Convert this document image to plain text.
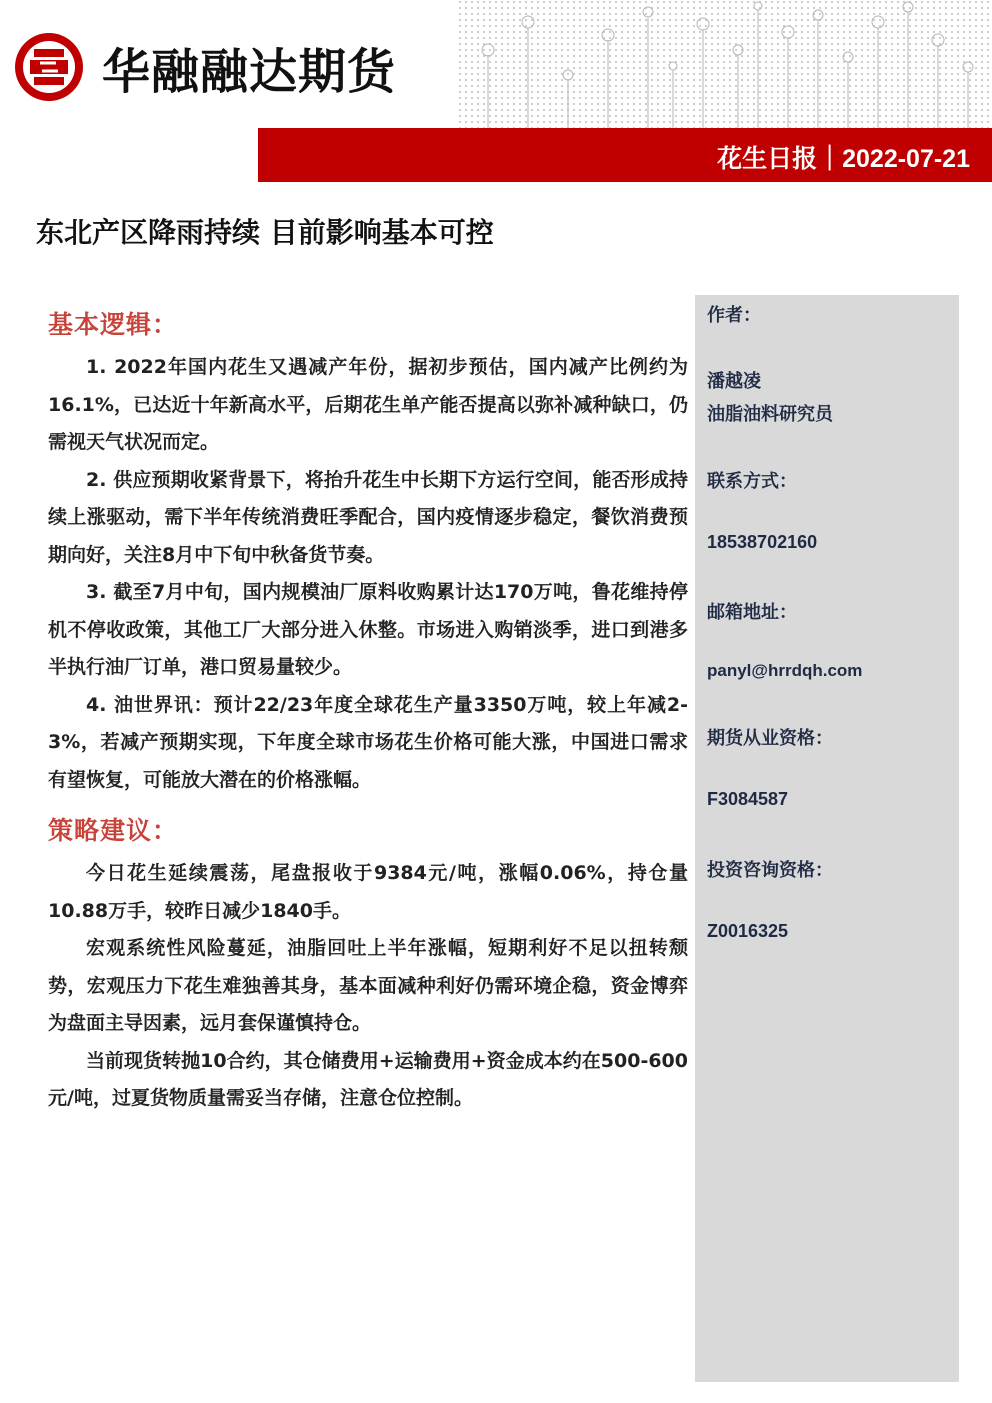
华融融达期货
花生日报｜2022-07-21
东北产区降雨持续 目前影响基本可控
基本逻辑：

1. 2022年国内花生又遇减产年份，据初步预估，国内减产比例约为16.1%，已达近十年新高水平，后期花生单产能否提高以弥补减种缺口，仍需视天气状况而定。

2. 供应预期收紧背景下，将抬升花生中长期下方运行空间，能否形成持续上涨驱动，需下半年传统消费旺季配合，国内疫情逐步稳定，餐饮消费预期向好，关注8月中下旬中秋备货节奏。

3. 截至7月中旬，国内规模油厂原料收购累计达170万吨，鲁花维持停机不停收政策，其他工厂大部分进入休整。市场进入购销淡季，进口到港多半执行油厂订单，港口贸易量较少。

4. 油世界讯：预计22/23年度全球花生产量3350万吨，较上年减2-3%，若减产预期实现，下年度全球市场花生价格可能大涨，中国进口需求有望恢复，可能放大潜在的价格涨幅。

策略建议：

今日花生延续震荡，尾盘报收于9384元/吨，涨幅0.06%，持仓量10.88万手，较昨日减少1840手。

宏观系统性风险蔓延，油脂回吐上半年涨幅，短期利好不足以扭转颓势，宏观压力下花生难独善其身，基本面减种利好仍需环境企稳，资金博弈为盘面主导因素，远月套保谨慎持仓。

当前现货转抛10合约，其仓储费用+运输费用+资金成本约在500-600元/吨，过夏货物质量需妥当存储，注意仓位控制。

作者：
潘越凌
油脂油料研究员
联系方式：
18538702160
邮箱地址：
panyl@hrrdqh.com
期货从业资格：
F3084587
投资咨询资格：
Z0016325
